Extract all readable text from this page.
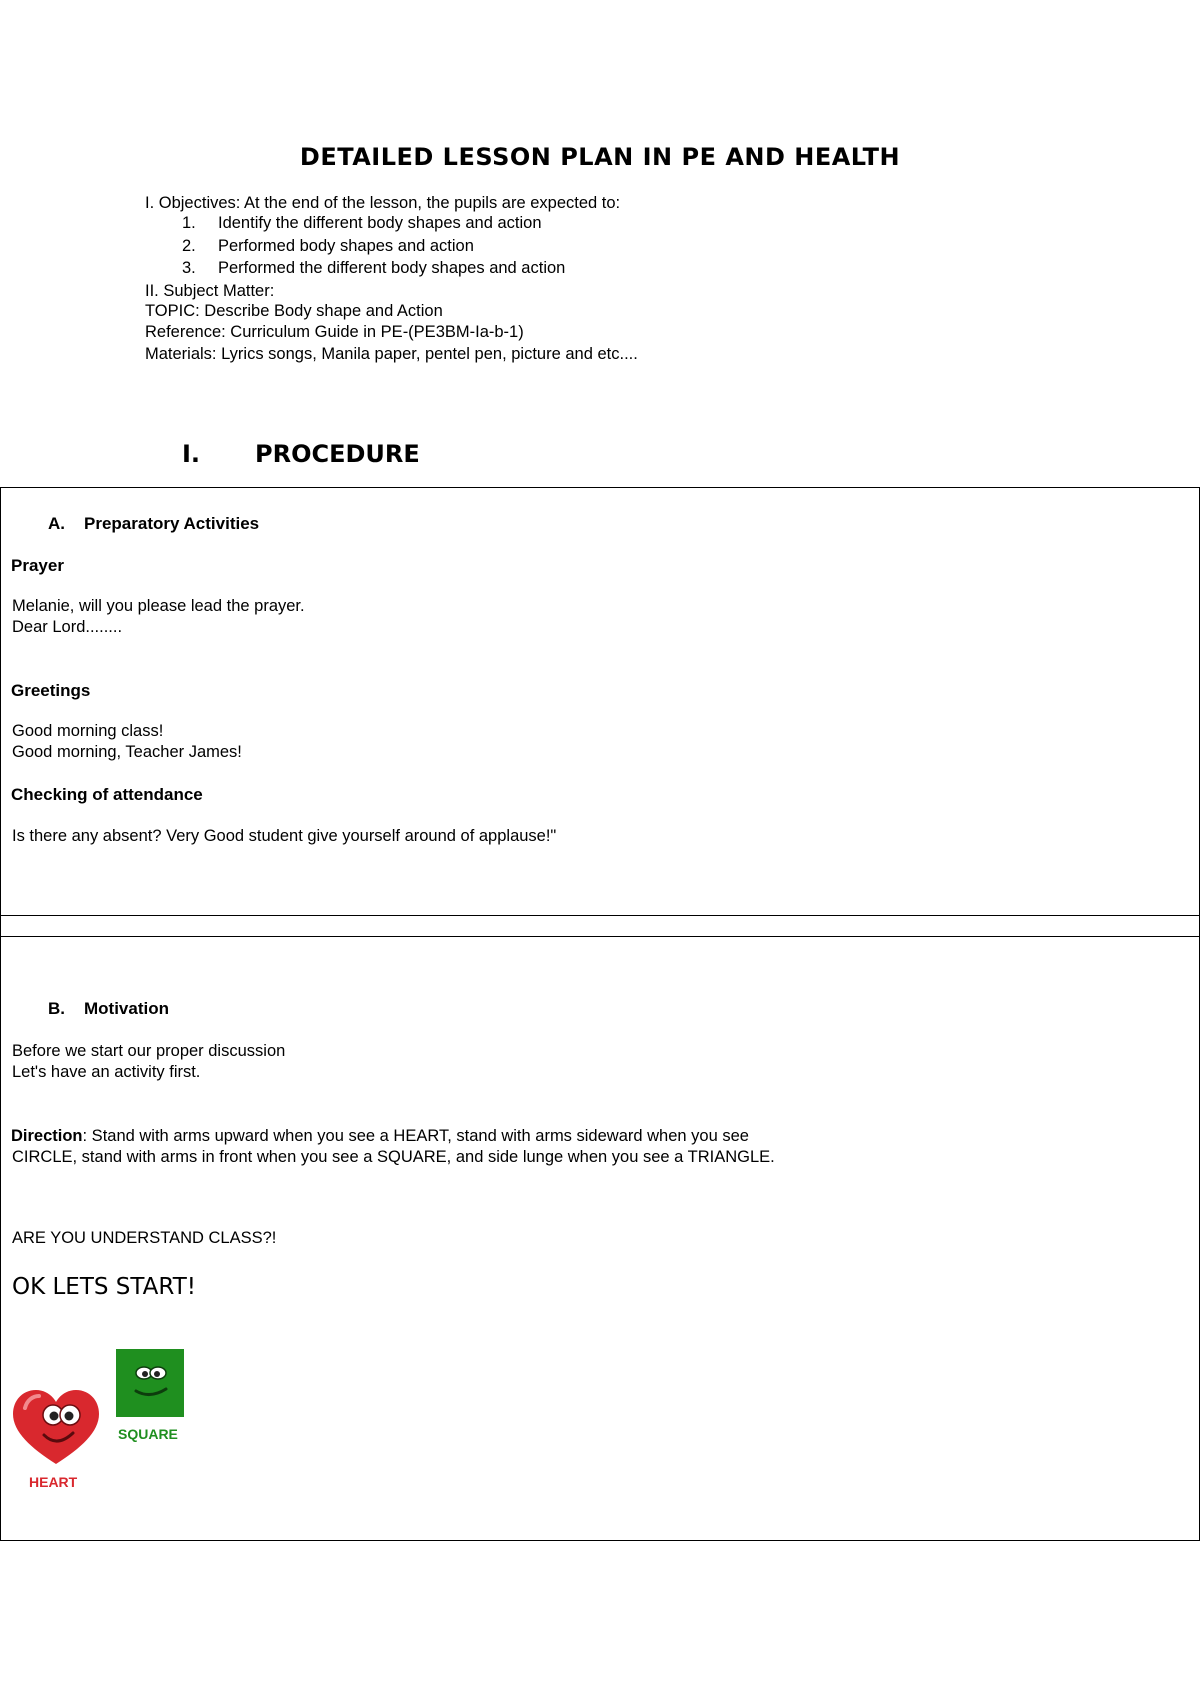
DETAILED LESSON PLAN IN PE AND HEALTH
I. Objectives: At the end of the lesson, the pupils are expected to:
1. Identify the different body shapes and action
2. Performed body shapes and action
3. Performed the different body shapes and action
II. Subject Matter:
TOPIC: Describe Body shape and Action
Reference: Curriculum Guide in PE-(PE3BM-Ia-b-1)
Materials: Lyrics songs, Manila paper, pentel pen, picture and etc....
I. PROCEDURE
A. Preparatory Activities
Prayer
Melanie, will you please lead the prayer.
Dear Lord........
Greetings
Good morning class!
Good morning, Teacher James!
Checking of attendance
Is there any absent? Very Good student give yourself around of applause!"
B. Motivation
Before we start our proper discussion
Let's have an activity first.
Direction: Stand with arms upward when you see a HEART, stand with arms sideward when you see
CIRCLE, stand with arms in front when you see a SQUARE, and side lunge when you see a TRIANGLE.
ARE YOU UNDERSTAND CLASS?!
OK LETS START!
HEART
SQUARE
